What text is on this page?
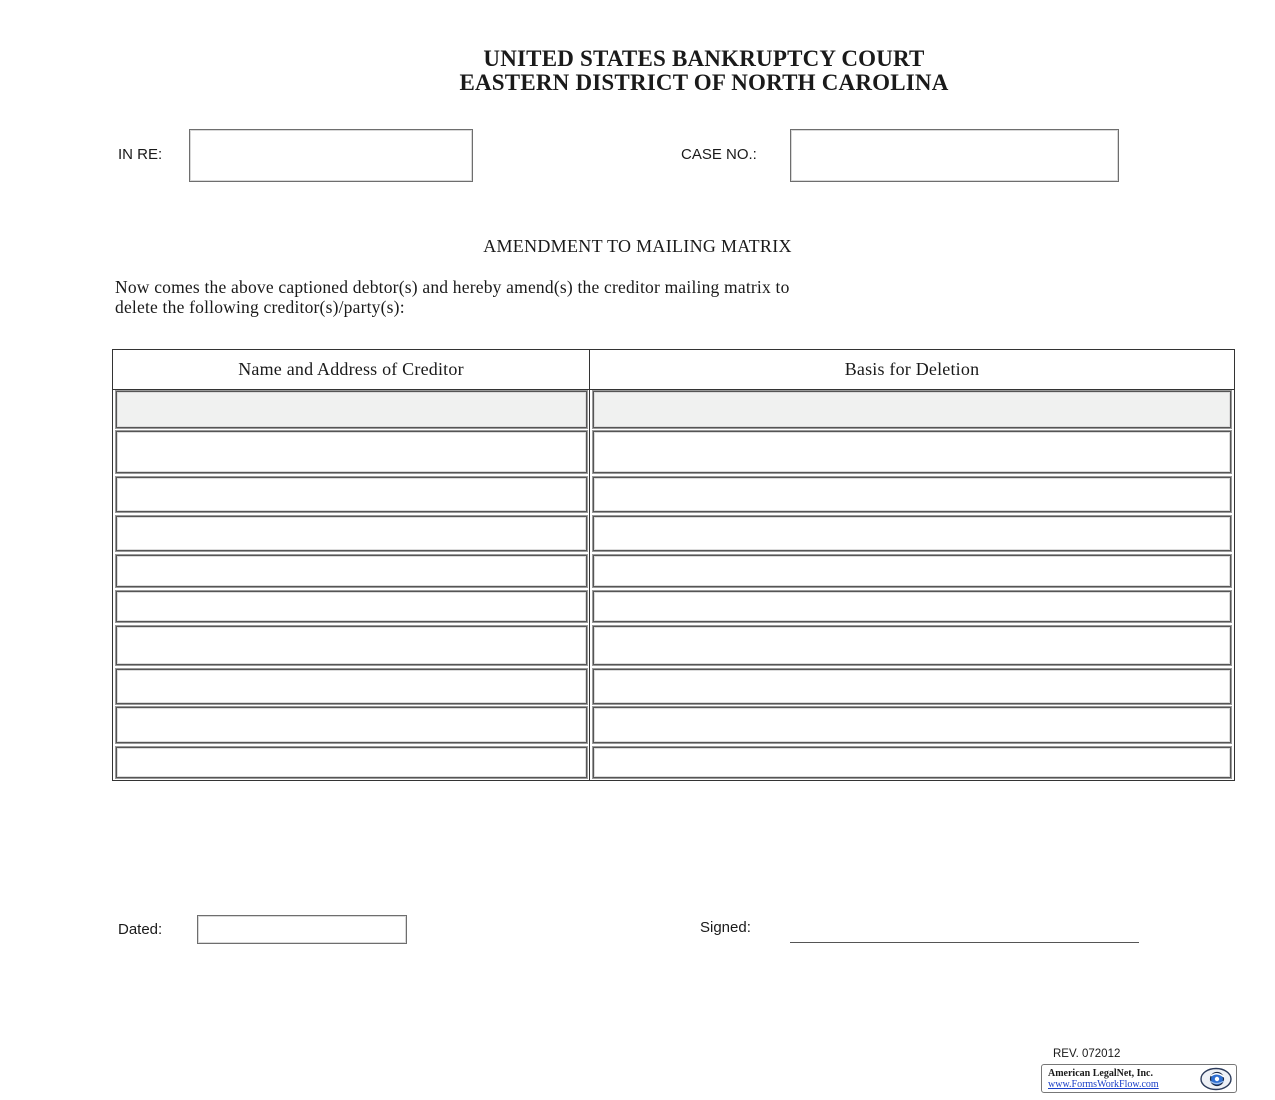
UNITED STATES BANKRUPTCY COURT
EASTERN DISTRICT OF NORTH CAROLINA
IN RE:	CASE NO.:
AMENDMENT TO MAILING MATRIX
Now comes the above captioned debtor(s) and hereby amend(s) the creditor mailing matrix to
delete the following creditor(s)/party(s):
Name and Address of Creditor	Basis for Deletion
Dated:	Signed:
REV. 072012
American LegalNet, Inc.
www.FormsWorkFlow.com
